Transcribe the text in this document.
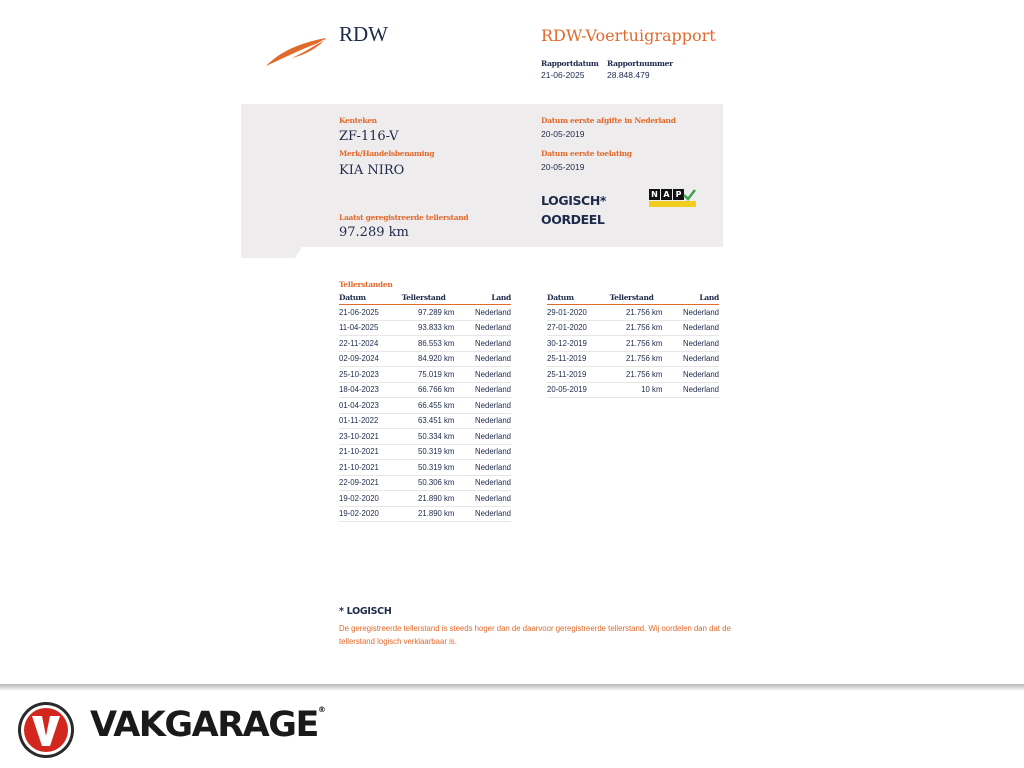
RDW	RDW-Voertuigrapport
Rapportdatum
21-06-2025
Rapportnummer
28.848.479
Kenteken
ZF-116-V
Merk/Handelsbenaming
KIA NIRO
Datum eerste afgifte in Nederland
20-05-2019
Datum eerste toelating
20-05-2019
LOGISCH*
OORDEEL
N A P
Laatst geregistreerde tellerstand
97.289 km
Tellerstanden
Datum	Tellerstand	Land
21-06-2025	97.289 km	Nederland
11-04-2025	93.833 km	Nederland
22-11-2024	86.553 km	Nederland
02-09-2024	84.920 km	Nederland
25-10-2023	75.019 km	Nederland
18-04-2023	66.766 km	Nederland
01-04-2023	66.455 km	Nederland
01-11-2022	63.451 km	Nederland
23-10-2021	50.334 km	Nederland
21-10-2021	50.319 km	Nederland
21-10-2021	50.319 km	Nederland
22-09-2021	50.306 km	Nederland
19-02-2020	21.890 km	Nederland
19-02-2020	21.890 km	Nederland
Datum	Tellerstand	Land
29-01-2020	21.756 km	Nederland
27-01-2020	21.756 km	Nederland
30-12-2019	21.756 km	Nederland
25-11-2019	21.756 km	Nederland
25-11-2019	21.756 km	Nederland
20-05-2019	10 km	Nederland
* LOGISCH
De geregistreerde tellerstand is steeds hoger dan de daarvoor geregistreerde tellerstand. Wij oordelen dan dat de tellerstand logisch verklaarbaar is.
VAKGARAGE®
